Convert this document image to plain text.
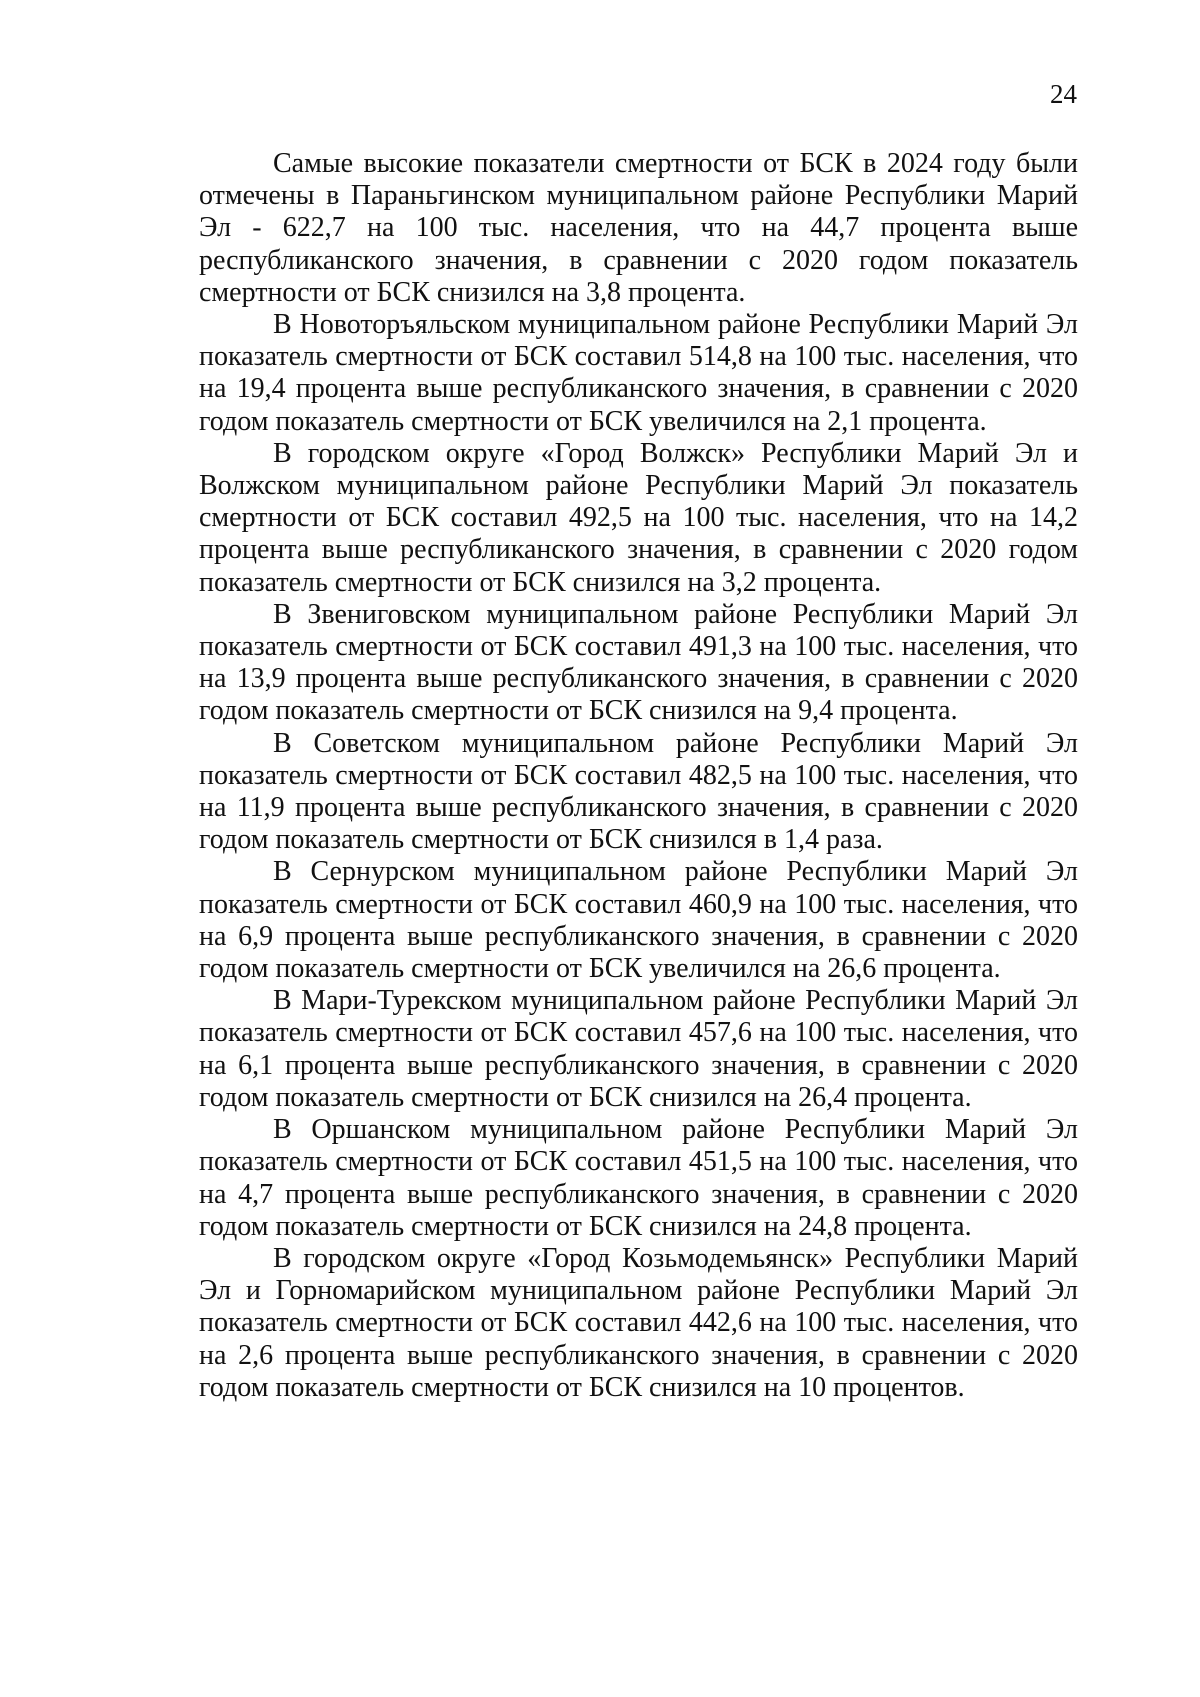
24

Самые высокие показатели смертности от БСК в 2024 году были отмечены в Параньгинском муниципальном районе Республики Марий Эл - 622,7 на 100 тыс. населения, что на 44,7 процента выше республиканского значения, в сравнении с 2020 годом показатель смертности от БСК снизился на 3,8 процента.

В Новоторъяльском муниципальном районе Республики Марий Эл показатель смертности от БСК составил 514,8 на 100 тыс. населения, что на 19,4 процента выше республиканского значения, в сравнении с 2020 годом показатель смертности от БСК увеличился на 2,1 процента.

В городском округе «Город Волжск» Республики Марий Эл и Волжском муниципальном районе Республики Марий Эл показатель смертности от БСК составил 492,5 на 100 тыс. населения, что на 14,2 процента выше республиканского значения, в сравнении с 2020 годом показатель смертности от БСК снизился на 3,2 процента.

В Звениговском муниципальном районе Республики Марий Эл показатель смертности от БСК составил 491,3 на 100 тыс. населения, что на 13,9 процента выше республиканского значения, в сравнении с 2020 годом показатель смертности от БСК снизился на 9,4 процента.

В Советском муниципальном районе Республики Марий Эл показатель смертности от БСК составил 482,5 на 100 тыс. населения, что на 11,9 процента выше республиканского значения, в сравнении с 2020 годом показатель смертности от БСК снизился в 1,4 раза.

В Сернурском муниципальном районе Республики Марий Эл показатель смертности от БСК составил 460,9 на 100 тыс. населения, что на 6,9 процента выше республиканского значения, в сравнении с 2020 годом показатель смертности от БСК увеличился на 26,6 процента.

В Мари-Турекском муниципальном районе Республики Марий Эл показатель смертности от БСК составил 457,6 на 100 тыс. населения, что на 6,1 процента выше республиканского значения, в сравнении с 2020 годом показатель смертности от БСК снизился на 26,4 процента.

В Оршанском муниципальном районе Республики Марий Эл показатель смертности от БСК составил 451,5 на 100 тыс. населения, что на 4,7 процента выше республиканского значения, в сравнении с 2020 годом показатель смертности от БСК снизился на 24,8 процента.

В городском округе «Город Козьмодемьянск» Республики Марий Эл и Горномарийском муниципальном районе Республики Марий Эл показатель смертности от БСК составил 442,6 на 100 тыс. населения, что на 2,6 процента выше республиканского значения, в сравнении с 2020 годом показатель смертности от БСК снизился на 10 процентов.
